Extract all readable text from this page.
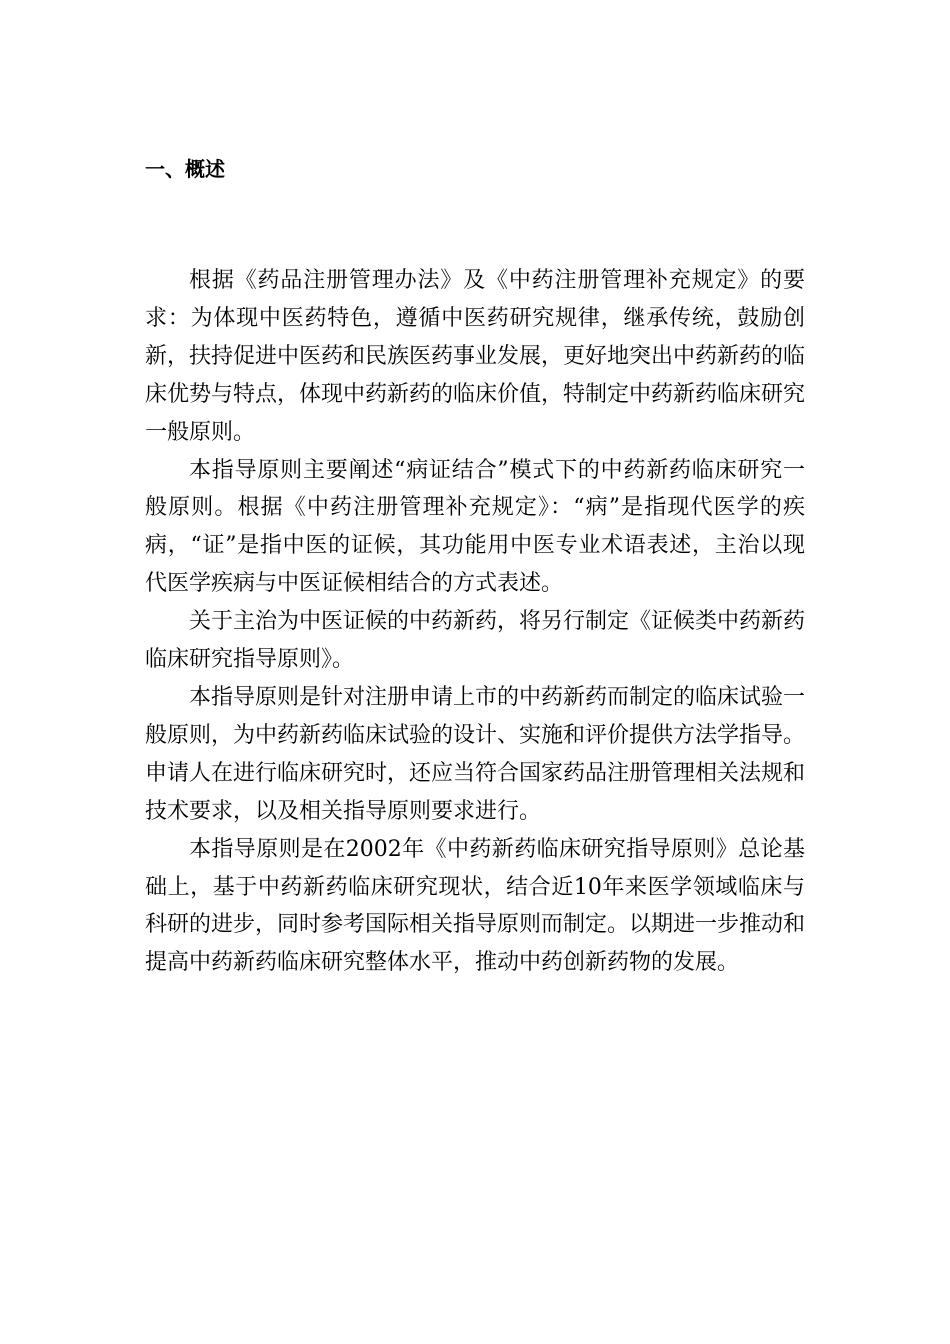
一、概述

根据《药品注册管理办法》及《中药注册管理补充规定》的要求：为体现中医药特色，遵循中医药研究规律，继承传统，鼓励创新，扶持促进中医药和民族医药事业发展，更好地突出中药新药的临床优势与特点，体现中药新药的临床价值，特制定中药新药临床研究一般原则。

本指导原则主要阐述“病证结合”模式下的中药新药临床研究一般原则。根据《中药注册管理补充规定》：“病”是指现代医学的疾病，“证”是指中医的证候，其功能用中医专业术语表述，主治以现代医学疾病与中医证候相结合的方式表述。

关于主治为中医证候的中药新药，将另行制定《证候类中药新药临床研究指导原则》。

本指导原则是针对注册申请上市的中药新药而制定的临床试验一般原则，为中药新药临床试验的设计、实施和评价提供方法学指导。申请人在进行临床研究时，还应当符合国家药品注册管理相关法规和技术要求，以及相关指导原则要求进行。

本指导原则是在2002年《中药新药临床研究指导原则》总论基础上，基于中药新药临床研究现状，结合近10年来医学领域临床与科研的进步，同时参考国际相关指导原则而制定。以期进一步推动和提高中药新药临床研究整体水平，推动中药创新药物的发展。
